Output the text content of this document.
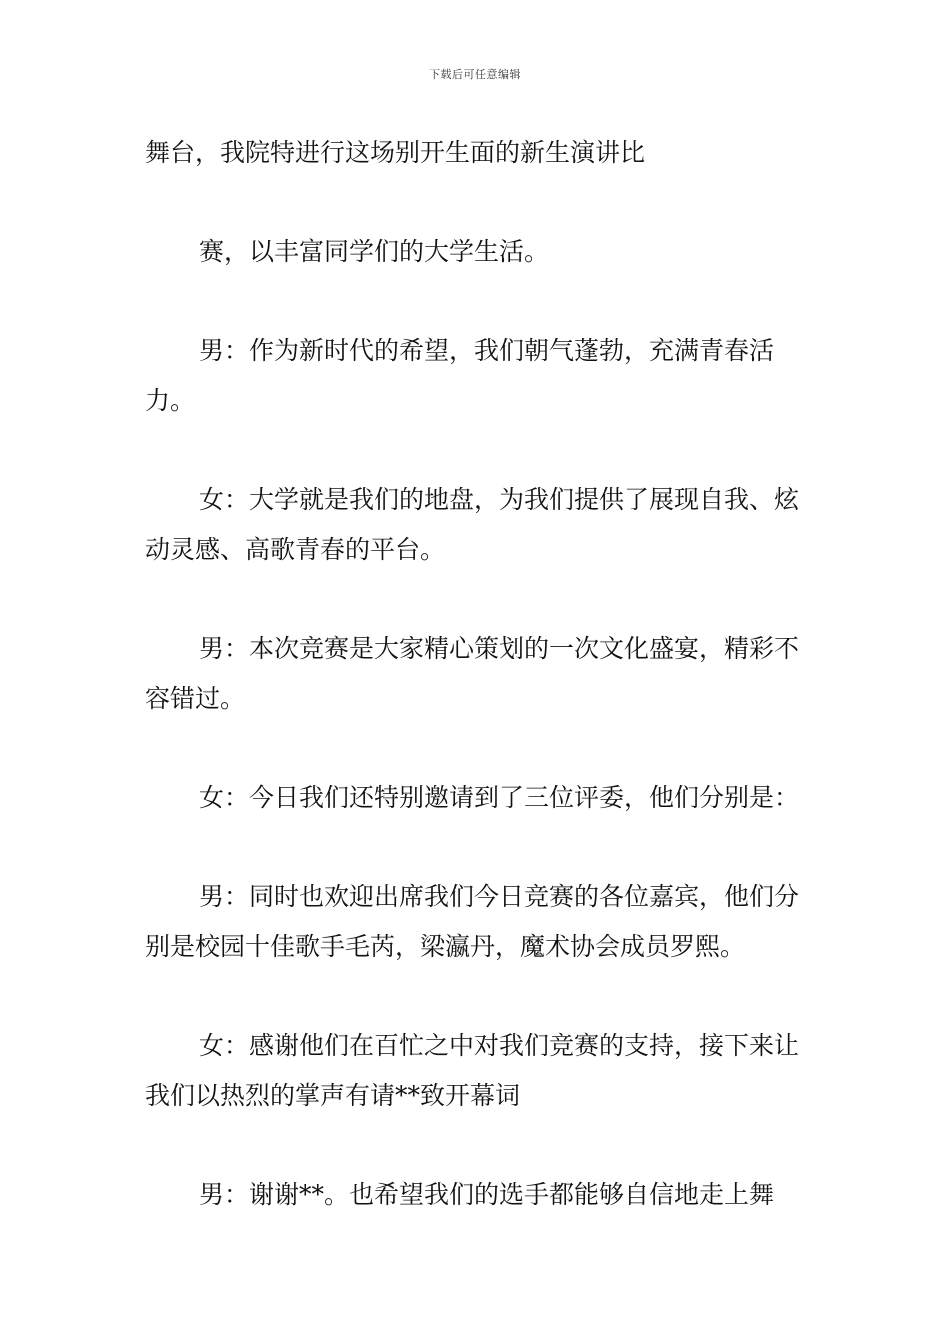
下载后可任意编辑

舞台，我院特进行这场别开生面的新生演讲比

赛，以丰富同学们的大学生活。

男：作为新时代的希望，我们朝气蓬勃，充满青春活力。

女：大学就是我们的地盘，为我们提供了展现自我、炫动灵感、高歌青春的平台。

男：本次竞赛是大家精心策划的一次文化盛宴，精彩不容错过。

女：今日我们还特别邀请到了三位评委，他们分别是：

男：同时也欢迎出席我们今日竞赛的各位嘉宾，他们分别是校园十佳歌手毛芮，梁瀛丹，魔术协会成员罗熙。

女：感谢他们在百忙之中对我们竞赛的支持，接下来让我们以热烈的掌声有请**致开幕词

男：谢谢**。也希望我们的选手都能够自信地走上舞
